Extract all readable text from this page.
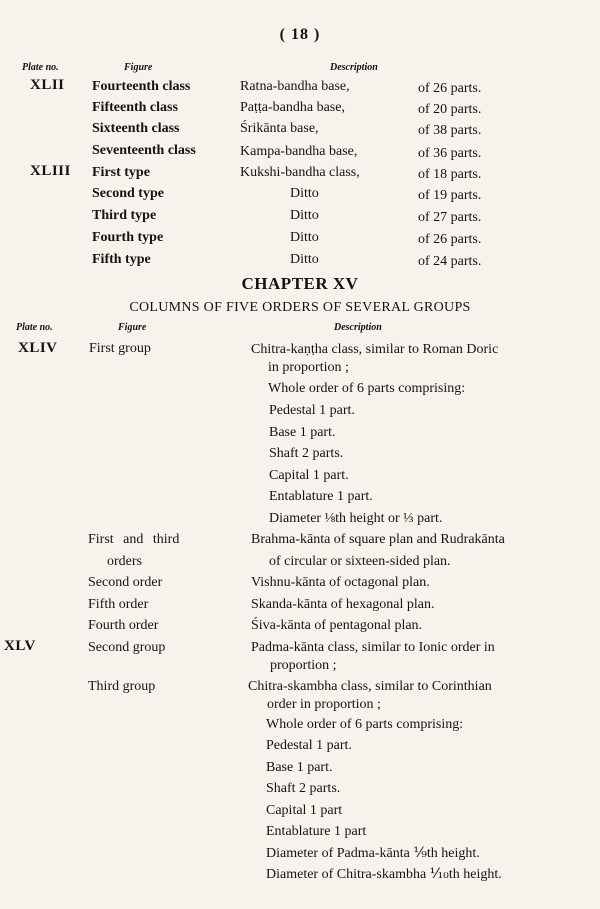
( 18 )
Plate no.	Figure	Description
XLII Fourteenth class	Ratna-bandha base,	of 26 parts.
Fifteenth class	Paṭṭa-bandha base,	of 20 parts.
Sixteenth class	Śrikānta base,	of 38 parts.
Seventeenth class	Kampa-bandha base,	of 36 parts.
XLIII First type	Kukshi-bandha class,	of 18 parts.
Second type	Ditto	of 19 parts.
Third type	Ditto	of 27 parts.
Fourth type	Ditto	of 26 parts.
Fifth type	Ditto	of 24 parts.
CHAPTER XV
COLUMNS OF FIVE ORDERS OF SEVERAL GROUPS
Plate no.	Figure	Description
XLIV First group	Chitra-kaṇṭha class, similar to Roman Doric
in proportion ;
Whole order of 6 parts comprising:
Pedestal 1 part.
Base 1 part.
Shaft 2 parts.
Capital 1 part.
Entablature 1 part.
Diameter ⅛th height or ⅓ part.
First and third	Brahma-kānta of square plan and Rudrakānta
orders	of circular or sixteen-sided plan.
Second order	Vishnu-kānta of octagonal plan.
Fifth order	Skanda-kānta of hexagonal plan.
Fourth order	Śiva-kānta of pentagonal plan.
XLV	Second group	Padma-kānta class, similar to Ionic order in
proportion ;
Third group	Chitra-skambha class, similar to Corinthian
order in proportion ;
Whole order of 6 parts comprising:
Pedestal 1 part.
Base 1 part.
Shaft 2 parts.
Capital 1 part
Entablature 1 part
Diameter of Padma-kānta ⅑th height.
Diameter of Chitra-skambha ⅒th height.
